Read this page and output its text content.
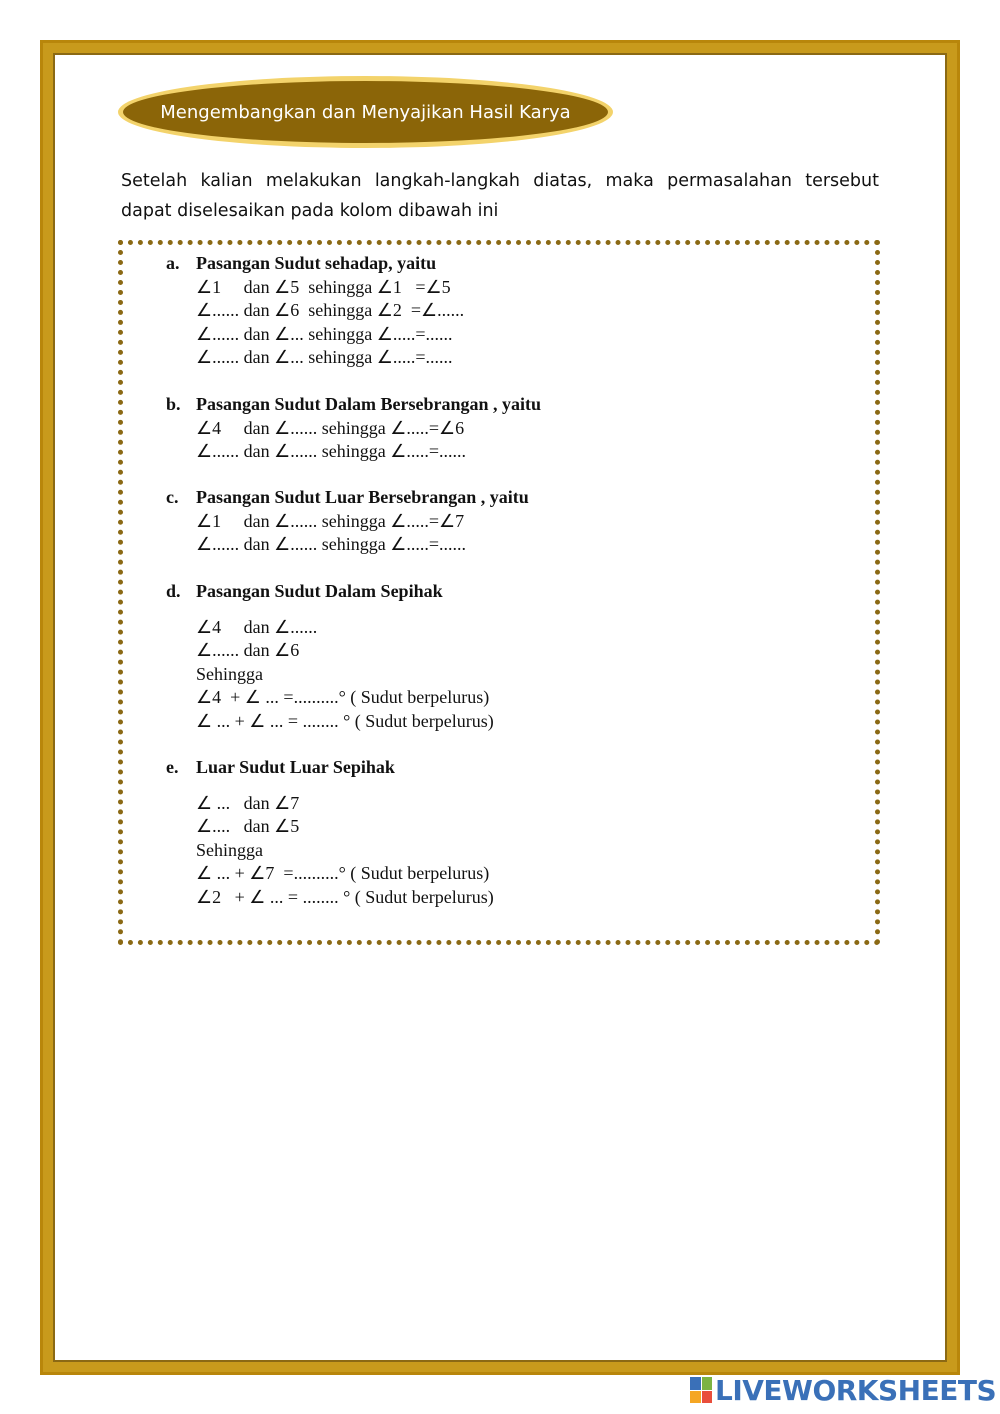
Mengembangkan dan Menyajikan Hasil Karya
Setelah kalian melakukan langkah-langkah diatas, maka permasalahan tersebut dapat diselesaikan pada kolom dibawah ini
a. Pasangan Sudut sehadap, yaitu
∠1     dan ∠5  sehingga ∠1   =∠5
∠...... dan ∠6  sehingga ∠2  =∠......
∠...... dan ∠... sehingga ∠.....=......
∠...... dan ∠... sehingga ∠.....=......
b. Pasangan Sudut Dalam Bersebrangan , yaitu
∠4     dan ∠...... sehingga ∠.....=∠6
∠...... dan ∠...... sehingga ∠.....=......
c. Pasangan Sudut Luar Bersebrangan , yaitu
∠1     dan ∠...... sehingga ∠.....=∠7
∠...... dan ∠...... sehingga ∠.....=......
d. Pasangan Sudut Dalam Sepihak
∠4     dan ∠......
∠...... dan ∠6
Sehingga
∠4  + ∠ ... =..........° ( Sudut berpelurus)
∠ ... + ∠ ... = ........ ° ( Sudut berpelurus)
e. Luar Sudut Luar Sepihak
∠ ...   dan ∠7
∠....   dan ∠5
Sehingga
∠ ... + ∠7  =..........° ( Sudut berpelurus)
∠2   + ∠ ... = ........ ° ( Sudut berpelurus)
LIVEWORKSHEETS
